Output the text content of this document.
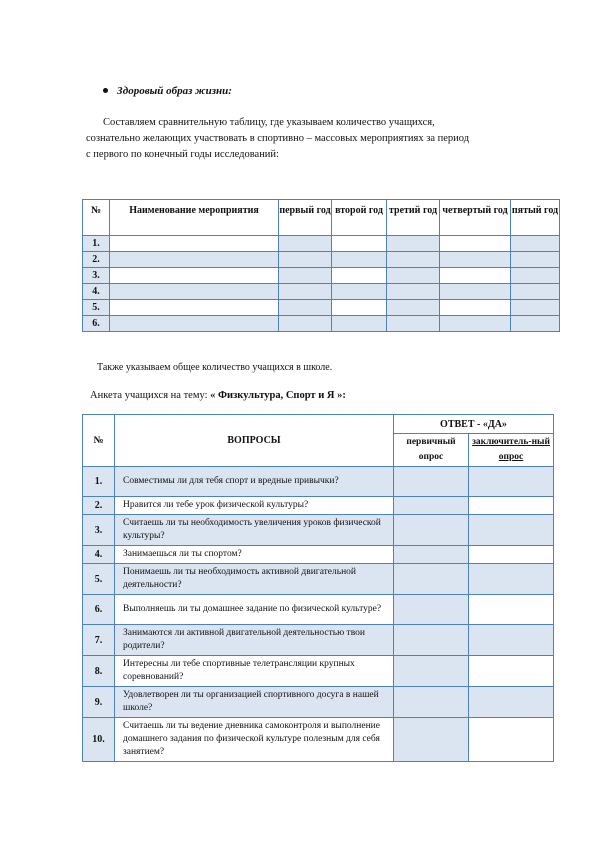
Здоровый образ жизни:
Составляем сравнительную таблицу, где указываем количество учащихся,
сознательно желающих участвовать в спортивно – массовых мероприятиях за период
с первого по конечный годы исследований:
№	Наименование мероприятия	первый год	второй год	третий год	четвертый год	пятый год
1.						
2.						
3.						
4.						
5.						
6.						
Также указываем общее количество учащихся в школе.
Анкета учащихся на тему: « Физкультура, Спорт и Я »:
№	ВОПРОСЫ	ОТВЕТ - «ДА»	
		первичный опрос	заключитель-ный опрос
1.	Совместимы ли для тебя спорт и вредные привычки?		
2.	Нравится ли тебе урок физической культуры?		
3.	Считаешь ли ты необходимость увеличения уроков физической культуры?		
4.	Занимаешься ли ты спортом?		
5.	Понимаешь ли ты необходимость активной двигательной деятельности?		
6.	Выполняешь ли ты домашнее задание по физической культуре?		
7.	Занимаются ли активной двигательной деятельностью твои родители?		
8.	Интересны ли тебе спортивные телетрансляции крупных соревнований?		
9.	Удовлетворен ли ты организацией спортивного досуга в нашей школе?		
10.	Считаешь ли ты ведение дневника самоконтроля и выполнение домашнего задания по физической культуре полезным для себя занятием?		
